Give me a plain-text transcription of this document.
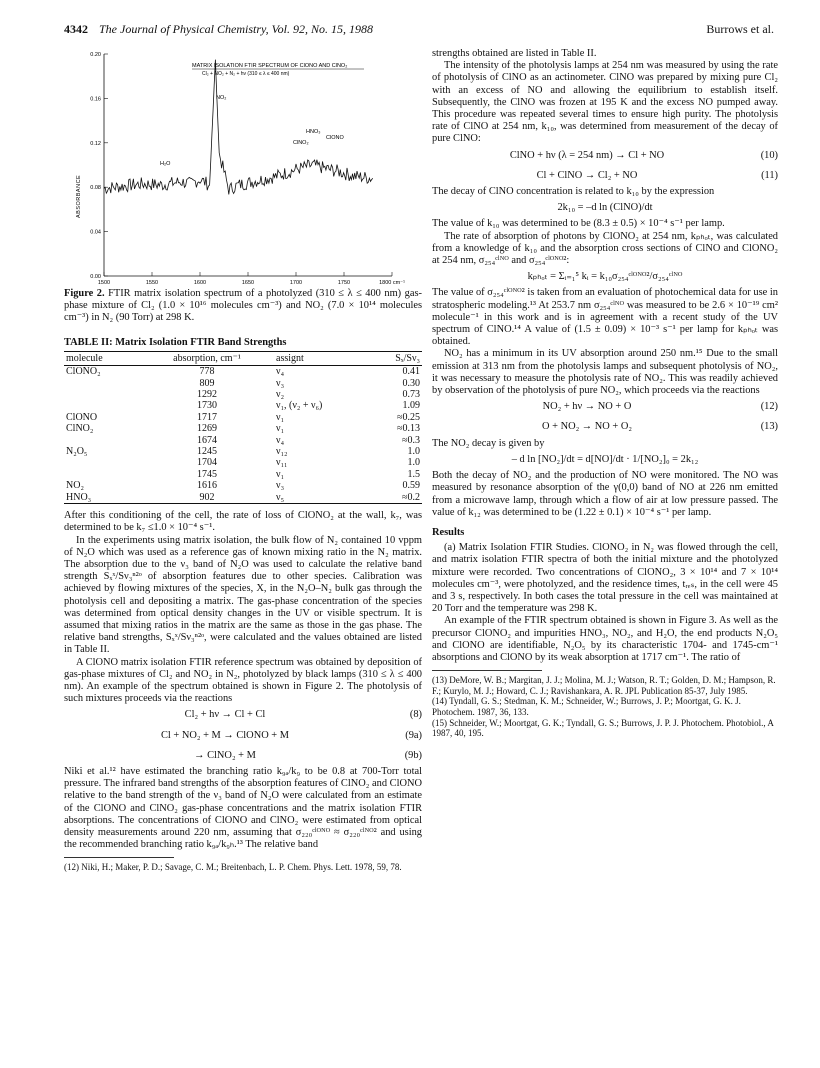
4342 The Journal of Physical Chemistry, Vol. 92, No. 15, 1988	Burrows et al.
0.20
0.16
0.12
0.08
0.04
0.00
1500	1550	1600	1650	1700	1750	1800 cm⁻¹
MATRIX ISOLATION FTIR SPECTRUM OF ClONO AND ClNO₂
Cl₂ + NO₂ + N₂ + hν (310 ≤ λ ≤ 400 nm)
NO₂
H₂O
ClNO₂
HNO₃
ClONO
ABSORBANCE

Figure 2. FTIR matrix isolation spectrum of a photolyzed (310 ≤ λ ≤ 400 nm) gas-phase mixture of Cl₂ (1.0 × 10¹⁶ molecules cm⁻³) and NO₂ (7.0 × 10¹⁴ molecules cm⁻³) in N₂ (90 Torr) at 298 K.

TABLE II: Matrix Isolation FTIR Band Strengths
molecule	absorption, cm⁻¹	assignt	Sₓ/Sν₃
ClONO₂	778	ν₄	0.41
	809	ν₃	0.30
	1292	ν₂	0.73
	1730	ν₁, (ν₂ + ν₆)	1.09
ClONO	1717	ν₁	≈0.25
ClNO₂	1269	ν₁	≈0.13
	1674	ν₄	≈0.3
N₂O₅	1245	ν₁₂	1.0
	1704	ν₁₁	1.0
	1745	ν₁	1.5
NO₂	1616	ν₃	0.59
HNO₃	902	ν₅	≈0.2

After this conditioning of the cell, the rate of loss of ClONO₂ at the wall, k₇, was determined to be k₇ ≤1.0 × 10⁻⁴ s⁻¹.

In the experiments using matrix isolation, the bulk flow of N₂ contained 10 vppm of N₂O which was used as a reference gas of known mixing ratio in the N₂ matrix. The absorption due to the ν₃ band of N₂O was used to calculate the relative band strength Sₓˣ/Sν₃ⁿ²ᵒ of absorption features due to other species. Calibration was achieved by flowing mixtures of the species, X, in the N₂O–N₂ bulk gas through the photolysis cell and depositing a matrix. The gas-phase concentration of the species was determined from optical density changes in the UV or visible spectrum. It is assumed that mixing ratios in the matrix are the same as those in the gas phase. The relative band strengths, Sₓˣ/Sν₃ⁿ²ᵒ, were calculated and the values obtained are listed in Table II.

A ClONO matrix isolation FTIR reference spectrum was obtained by deposition of gas-phase mixtures of Cl₂ and NO₂ in N₂, photolyzed by black lamps (310 ≤ λ ≤ 400 nm). An example of the spectrum obtained is shown in Figure 2. The photolysis of such mixtures proceeds via the reactions

Cl₂ + hν → Cl + Cl	(8)
Cl + NO₂ + M → ClONO + M	(9a)
→ ClNO₂ + M	(9b)

Niki et al.¹² have estimated the branching ratio k₉ₐ/k₉ to be 0.8 at 700-Torr total pressure. The infrared band strengths of the absorption features of ClNO₂ and ClONO relative to the band strength of the ν₃ band of N₂O were calculated from an estimate of the ClONO and ClNO₂ gas-phase concentrations and the matrix isolation FTIR absorptions. The concentrations of ClONO and ClNO₂ were estimated from optical density measurements around 220 nm, assuming that σ₂₂₀ᶜˡᴼᴺᴼ ≈ σ₂₂₀ᶜˡᴺᴼ² and using the recommended branching ratio k₉ₐ/k₉ₕ.¹³ The relative band

(12) Niki, H.; Maker, P. D.; Savage, C. M.; Breitenbach, L. P. Chem. Phys. Lett. 1978, 59, 78.

strengths obtained are listed in Table II.

The intensity of the photolysis lamps at 254 nm was measured by using the rate of photolysis of ClNO as an actinometer. ClNO was prepared by mixing pure Cl₂ with an excess of NO and allowing the equilibrium to establish itself. Subsequently, the ClNO was frozen at 195 K and the excess NO pumped away. This procedure was repeated several times to ensure high purity. The photolysis rate of ClNO at 254 nm, k₁₀, was determined from measurement of the decay of pure ClNO:

ClNO + hν (λ = 254 nm) → Cl + NO	(10)
Cl + ClNO → Cl₂ + NO	(11)

The decay of ClNO concentration is related to k₁₀ by the expression

2k₁₀ = –d ln (ClNO)/dt

The value of k₁₀ was determined to be (8.3 ± 0.5) × 10⁻⁴ s⁻¹ per lamp.

The rate of absorption of photons by ClONO₂ at 254 nm, kₚₕₒₜ, was calculated from a knowledge of k₁₀ and the absorption cross sections of ClNO and ClONO₂ at 254 nm, σ₂₅₄ᶜˡᴺᴼ and σ₂₅₄ᶜˡᴼᴺᴼ²:

kₚₕₒₜ = Σᵢ₌₁⁵ kᵢ = k₁₀σ₂₅₄ᶜˡᴼᴺᴼ²/σ₂₅₄ᶜˡᴺᴼ

The value of σ₂₅₄ᶜˡᴼᴺᴼ² is taken from an evaluation of photochemical data for use in stratospheric modeling.¹³ At 253.7 nm σ₂₅₄ᶜˡᴺᴼ was measured to be 2.6 × 10⁻¹⁹ cm² molecule⁻¹ in this work and is in agreement with a recent study of the UV spectrum of ClNO.¹⁴ A value of (1.5 ± 0.09) × 10⁻³ s⁻¹ per lamp for kₚₕₒₜ was obtained.

NO₂ has a minimum in its UV absorption around 250 nm.¹⁵ Due to the small emission at 313 nm from the photolysis lamps and subsequent photolysis of NO₂, it was necessary to measure the photolysis rate of NO₂. This was readily achieved by observation of the photolysis of pure NO₂, which proceeds via the reactions

NO₂ + hν → NO + O	(12)
O + NO₂ → NO + O₂	(13)

The NO₂ decay is given by

– d ln [NO₂]/dt = d[NO]/dt · 1/[NO₂]₀ = 2k₁₂

Both the decay of NO₂ and the production of NO were monitored. The NO was measured by resonance absorption of the γ(0,0) band of NO at 226 nm emitted from a microwave lamp, through which a flow of air at low pressure passed. The value of k₁₂ was determined to be (1.22 ± 0.1) × 10⁻⁴ s⁻¹ per lamp.

Results

(a) Matrix Isolation FTIR Studies. ClONO₂ in N₂ was flowed through the cell, and matrix isolation FTIR spectra of both the initial mixture and the photolyzed mixture were recorded. Two concentrations of ClONO₂, 3 × 10¹⁴ and 7 × 10¹⁴ molecules cm⁻³, were photolyzed, and the residence times, tᵣₑₛ, in the cell were 45 and 3 s, respectively. In both cases the total pressure in the cell was maintained at 20 Torr and the temperature was 298 K.

An example of the FTIR spectrum obtained is shown in Figure 3. As well as the precursor ClONO₂ and impurities HNO₃, NO₂, and H₂O, the end products N₂O₅ and ClONO are identifiable, N₂O₅ by its characteristic 1704- and 1745-cm⁻¹ absorptions and ClONO by its weak absorption at 1717 cm⁻¹. The ratio of

(13) DeMore, W. B.; Margitan, J. J.; Molina, M. J.; Watson, R. T.; Golden, D. M.; Hampson, R. F.; Kurylo, M. J.; Howard, C. J.; Ravishankara, A. R. JPL Publication 85-37, July 1985.

(14) Tyndall, G. S.; Stedman, K. M.; Schneider, W.; Burrows, J. P.; Moortgat, G. K. J. Photochem. 1987, 36, 133.

(15) Schneider, W.; Moortgat, G. K.; Tyndall, G. S.; Burrows, J. P. J. Photochem. Photobiol., A 1987, 40, 195.
